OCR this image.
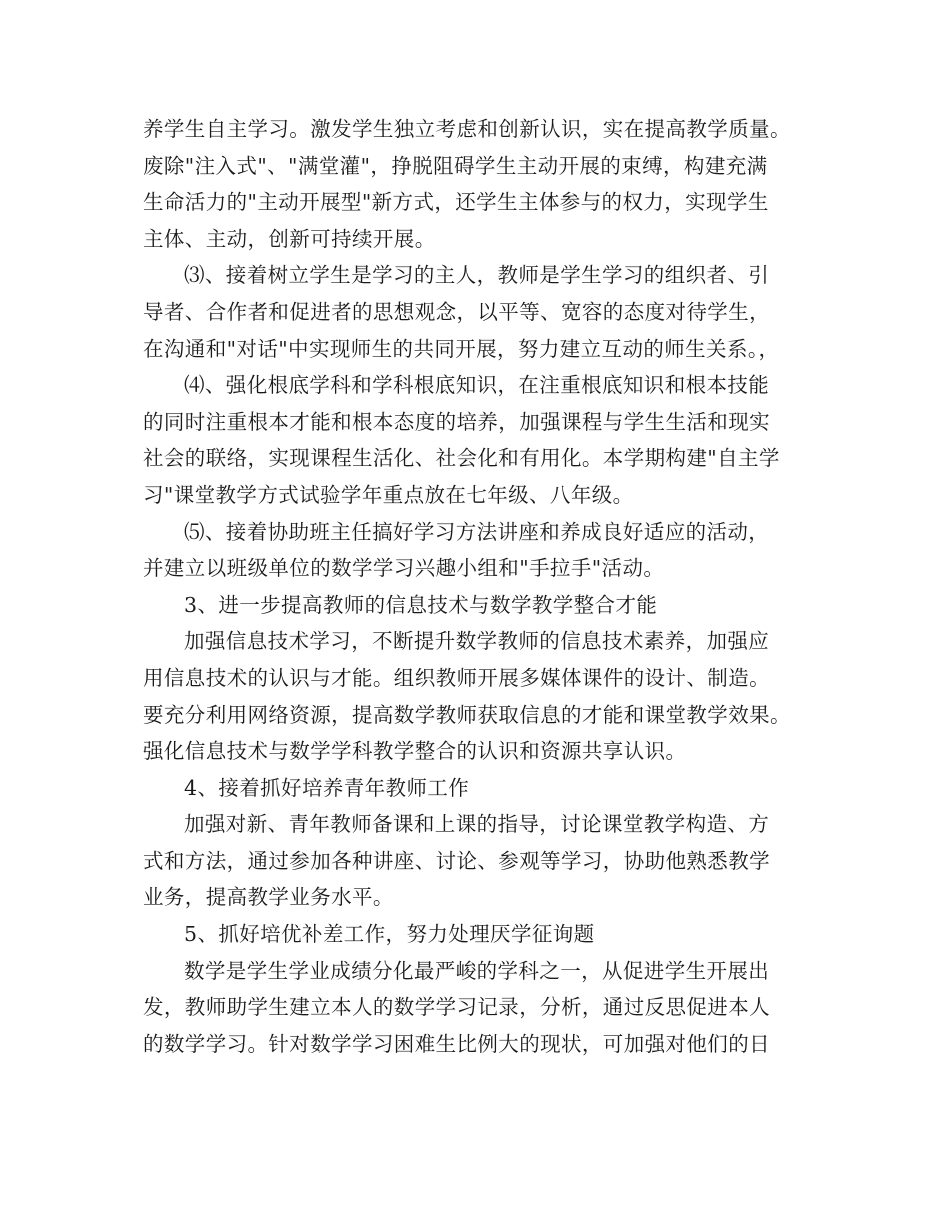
养学生自主学习。激发学生独立考虑和创新认识，实在提高教学质量。
废除"注入式"、"满堂灌"，挣脱阻碍学生主动开展的束缚，构建充满
生命活力的"主动开展型"新方式，还学生主体参与的权力，实现学生
主体、主动，创新可持续开展。
⑶、接着树立学生是学习的主人，教师是学生学习的组织者、引
导者、合作者和促进者的思想观念，以平等、宽容的态度对待学生，
在沟通和"对话"中实现师生的共同开展，努力建立互动的师生关系。，
⑷、强化根底学科和学科根底知识，在注重根底知识和根本技能
的同时注重根本才能和根本态度的培养，加强课程与学生生活和现实
社会的联络，实现课程生活化、社会化和有用化。本学期构建"自主学
习"课堂教学方式试验学年重点放在七年级、八年级。
⑸、接着协助班主任搞好学习方法讲座和养成良好适应的活动，
并建立以班级单位的数学学习兴趣小组和"手拉手"活动。
3、进一步提高教师的信息技术与数学教学整合才能
加强信息技术学习，不断提升数学教师的信息技术素养，加强应
用信息技术的认识与才能。组织教师开展多媒体课件的设计、制造。
要充分利用网络资源，提高数学教师获取信息的才能和课堂教学效果。
强化信息技术与数学学科教学整合的认识和资源共享认识。
4、接着抓好培养青年教师工作
加强对新、青年教师备课和上课的指导，讨论课堂教学构造、方
式和方法，通过参加各种讲座、讨论、参观等学习，协助他熟悉教学
业务，提高教学业务水平。
5、抓好培优补差工作，努力处理厌学征询题
数学是学生学业成绩分化最严峻的学科之一，从促进学生开展出
发，教师助学生建立本人的数学学习记录，分析，通过反思促进本人
的数学学习。针对数学学习困难生比例大的现状，可加强对他们的日
